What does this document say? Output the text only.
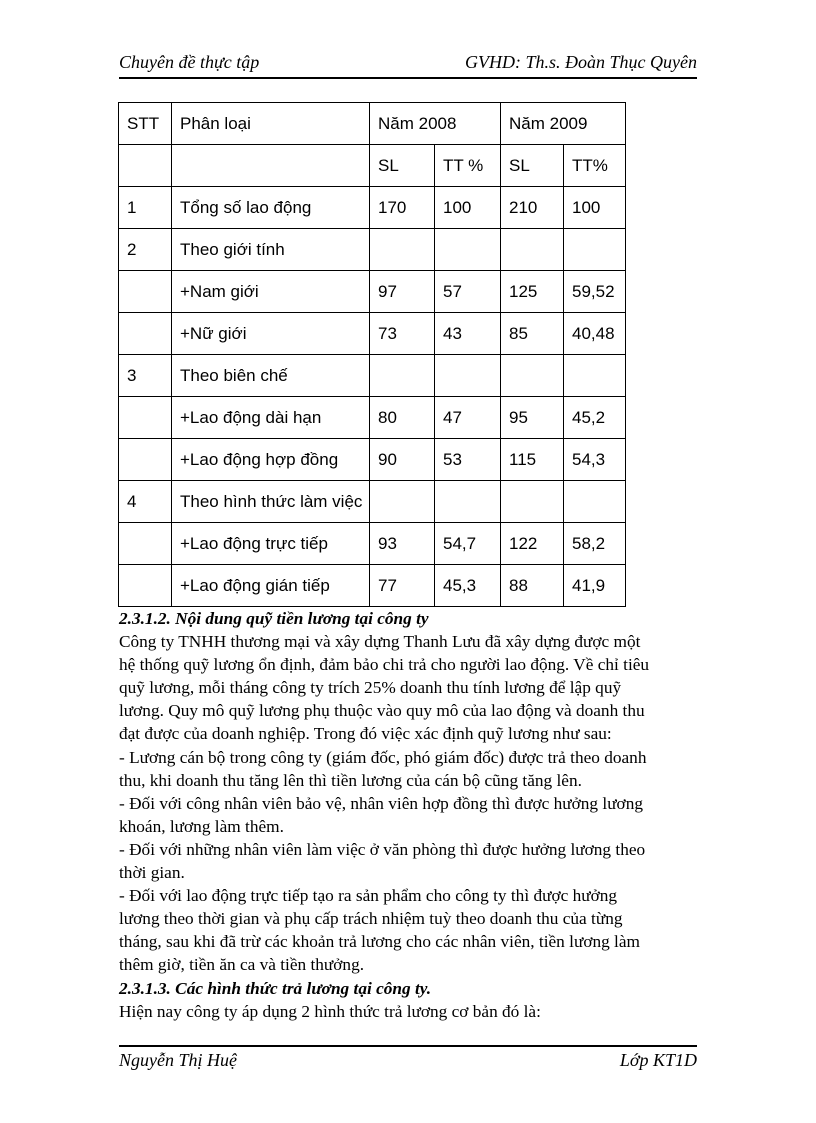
Chuyên đề thực tập	GVHD: Th.s. Đoàn Thục Quyên
STT	Phân loại	Năm 2008		Năm 2009	
		SL	TT %	SL	TT%
1	Tổng số lao động	170	100	210	100
2	Theo giới tính				
	+Nam giới	97	57	125	59,52
	+Nữ giới	73	43	85	40,48
3	Theo biên chế				
	+Lao động dài hạn	80	47	95	45,2
	+Lao động hợp đồng	90	53	115	54,3
4	Theo hình thức làm việc				
	+Lao động trực tiếp	93	54,7	122	58,2
	+Lao động gián tiếp	77	45,3	88	41,9

2.3.1.2. Nội dung quỹ tiền lương tại công ty

Công ty TNHH thương mại và xây dựng Thanh Lưu đã xây dựng được một

hệ thống quỹ lương ổn định, đảm bảo chi trả cho người lao động. Về chỉ tiêu

quỹ lương, mỗi tháng công ty trích 25% doanh thu tính lương để lập quỹ

lương. Quy mô quỹ lương phụ thuộc vào quy mô của lao động và doanh thu

đạt được của doanh nghiệp. Trong đó việc xác định quỹ lương như sau:

- Lương cán bộ trong công ty (giám đốc, phó giám đốc) được trả theo doanh

thu, khi doanh thu tăng lên thì tiền lương của cán bộ cũng tăng lên.

- Đối với công nhân viên bảo vệ, nhân viên hợp đồng thì được hưởng lương

khoán, lương làm thêm.

- Đối với những nhân viên làm việc ở văn phòng thì được hưởng lương theo

thời gian.

- Đối với lao động trực tiếp tạo ra sản phẩm cho công ty thì được hưởng

lương theo thời gian và phụ cấp trách nhiệm tuỳ theo doanh thu của từng

tháng, sau khi đã trừ các khoản trả lương cho các nhân viên, tiền lương làm

thêm giờ, tiền ăn ca và tiền thưởng.

2.3.1.3. Các hình thức trả lương tại công ty.

Hiện nay công ty áp dụng 2 hình thức trả lương cơ bản đó là:

Nguyễn Thị Huệ	Lớp KT1D
